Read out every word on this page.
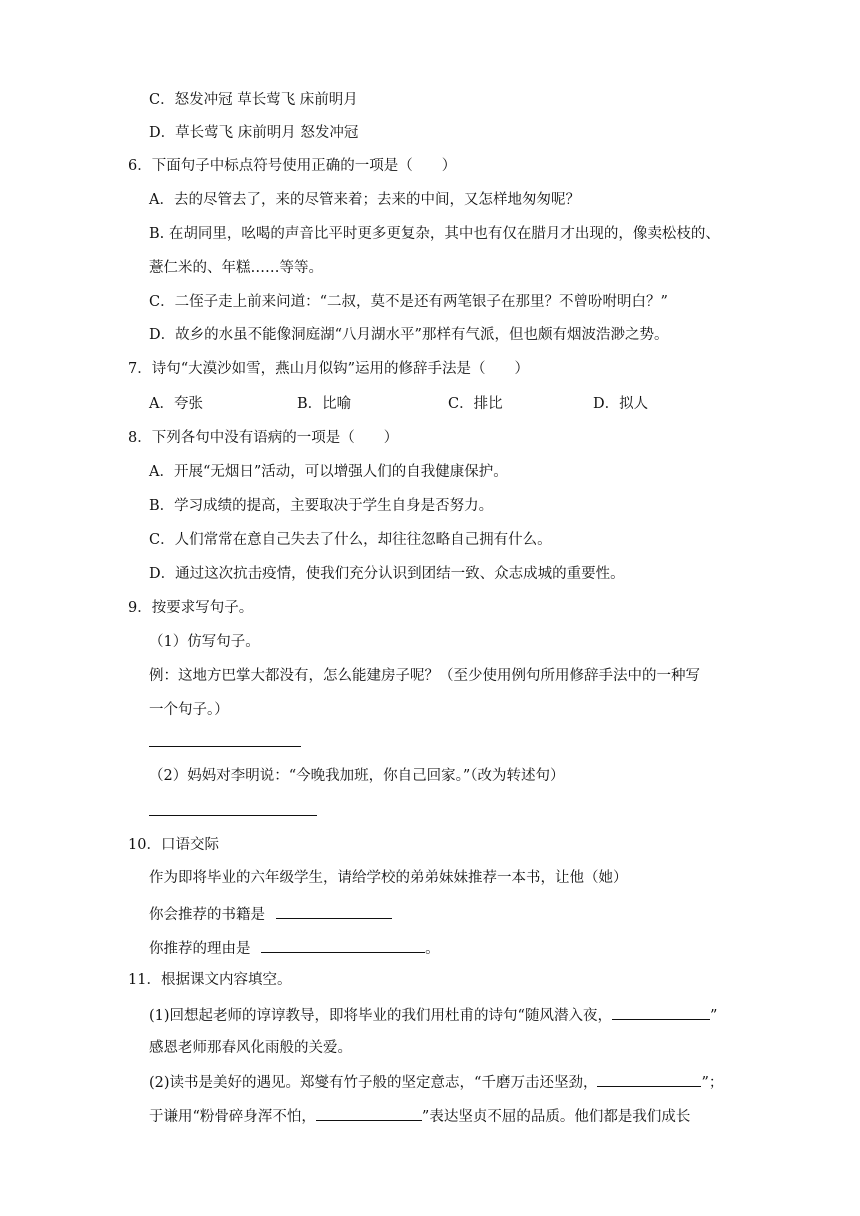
C．怒发冲冠 草长莺飞 床前明月
D．草长莺飞 床前明月 怒发冲冠
6．下面句子中标点符号使用正确的一项是（　　）
A．去的尽管去了，来的尽管来着；去来的中间，又怎样地匆匆呢？
B. 在胡同里，吆喝的声音比平时更多更复杂，其中也有仅在腊月才出现的，像卖松枝的、
薏仁米的、年糕……等等。
C．二侄子走上前来问道：“二叔，莫不是还有两笔银子在那里？不曾吩咐明白？”
D．故乡的水虽不能像洞庭湖“八月湖水平”那样有气派，但也颇有烟波浩渺之势。
7．诗句“大漠沙如雪，燕山月似钩”运用的修辞手法是（　　）
A．夸张	B．比喻	C．排比	D．拟人
8．下列各句中没有语病的一项是（　　）
A．开展“无烟日”活动，可以增强人们的自我健康保护。
B．学习成绩的提高，主要取决于学生自身是否努力。
C．人们常常在意自己失去了什么，却往往忽略自己拥有什么。
D．通过这次抗击疫情，使我们充分认识到团结一致、众志成城的重要性。
9．按要求写句子。
（1）仿写句子。
例：这地方巴掌大都没有，怎么能建房子呢？（至少使用例句所用修辞手法中的一种写
一个句子。）
（2）妈妈对李明说：“今晚我加班，你自己回家。”（改为转述句）
10．口语交际
作为即将毕业的六年级学生，请给学校的弟弟妹妹推荐一本书，让他（她）
你会推荐的书籍是
你推荐的理由是	。
11．根据课文内容填空。
(1)回想起老师的谆谆教导，即将毕业的我们用杜甫的诗句“随风潜入夜，	”
感恩老师那春风化雨般的关爱。
(2)读书是美好的遇见。郑燮有竹子般的坚定意志，“千磨万击还坚劲，	”；
于谦用“粉骨碎身浑不怕，	”表达坚贞不屈的品质。他们都是我们成长
